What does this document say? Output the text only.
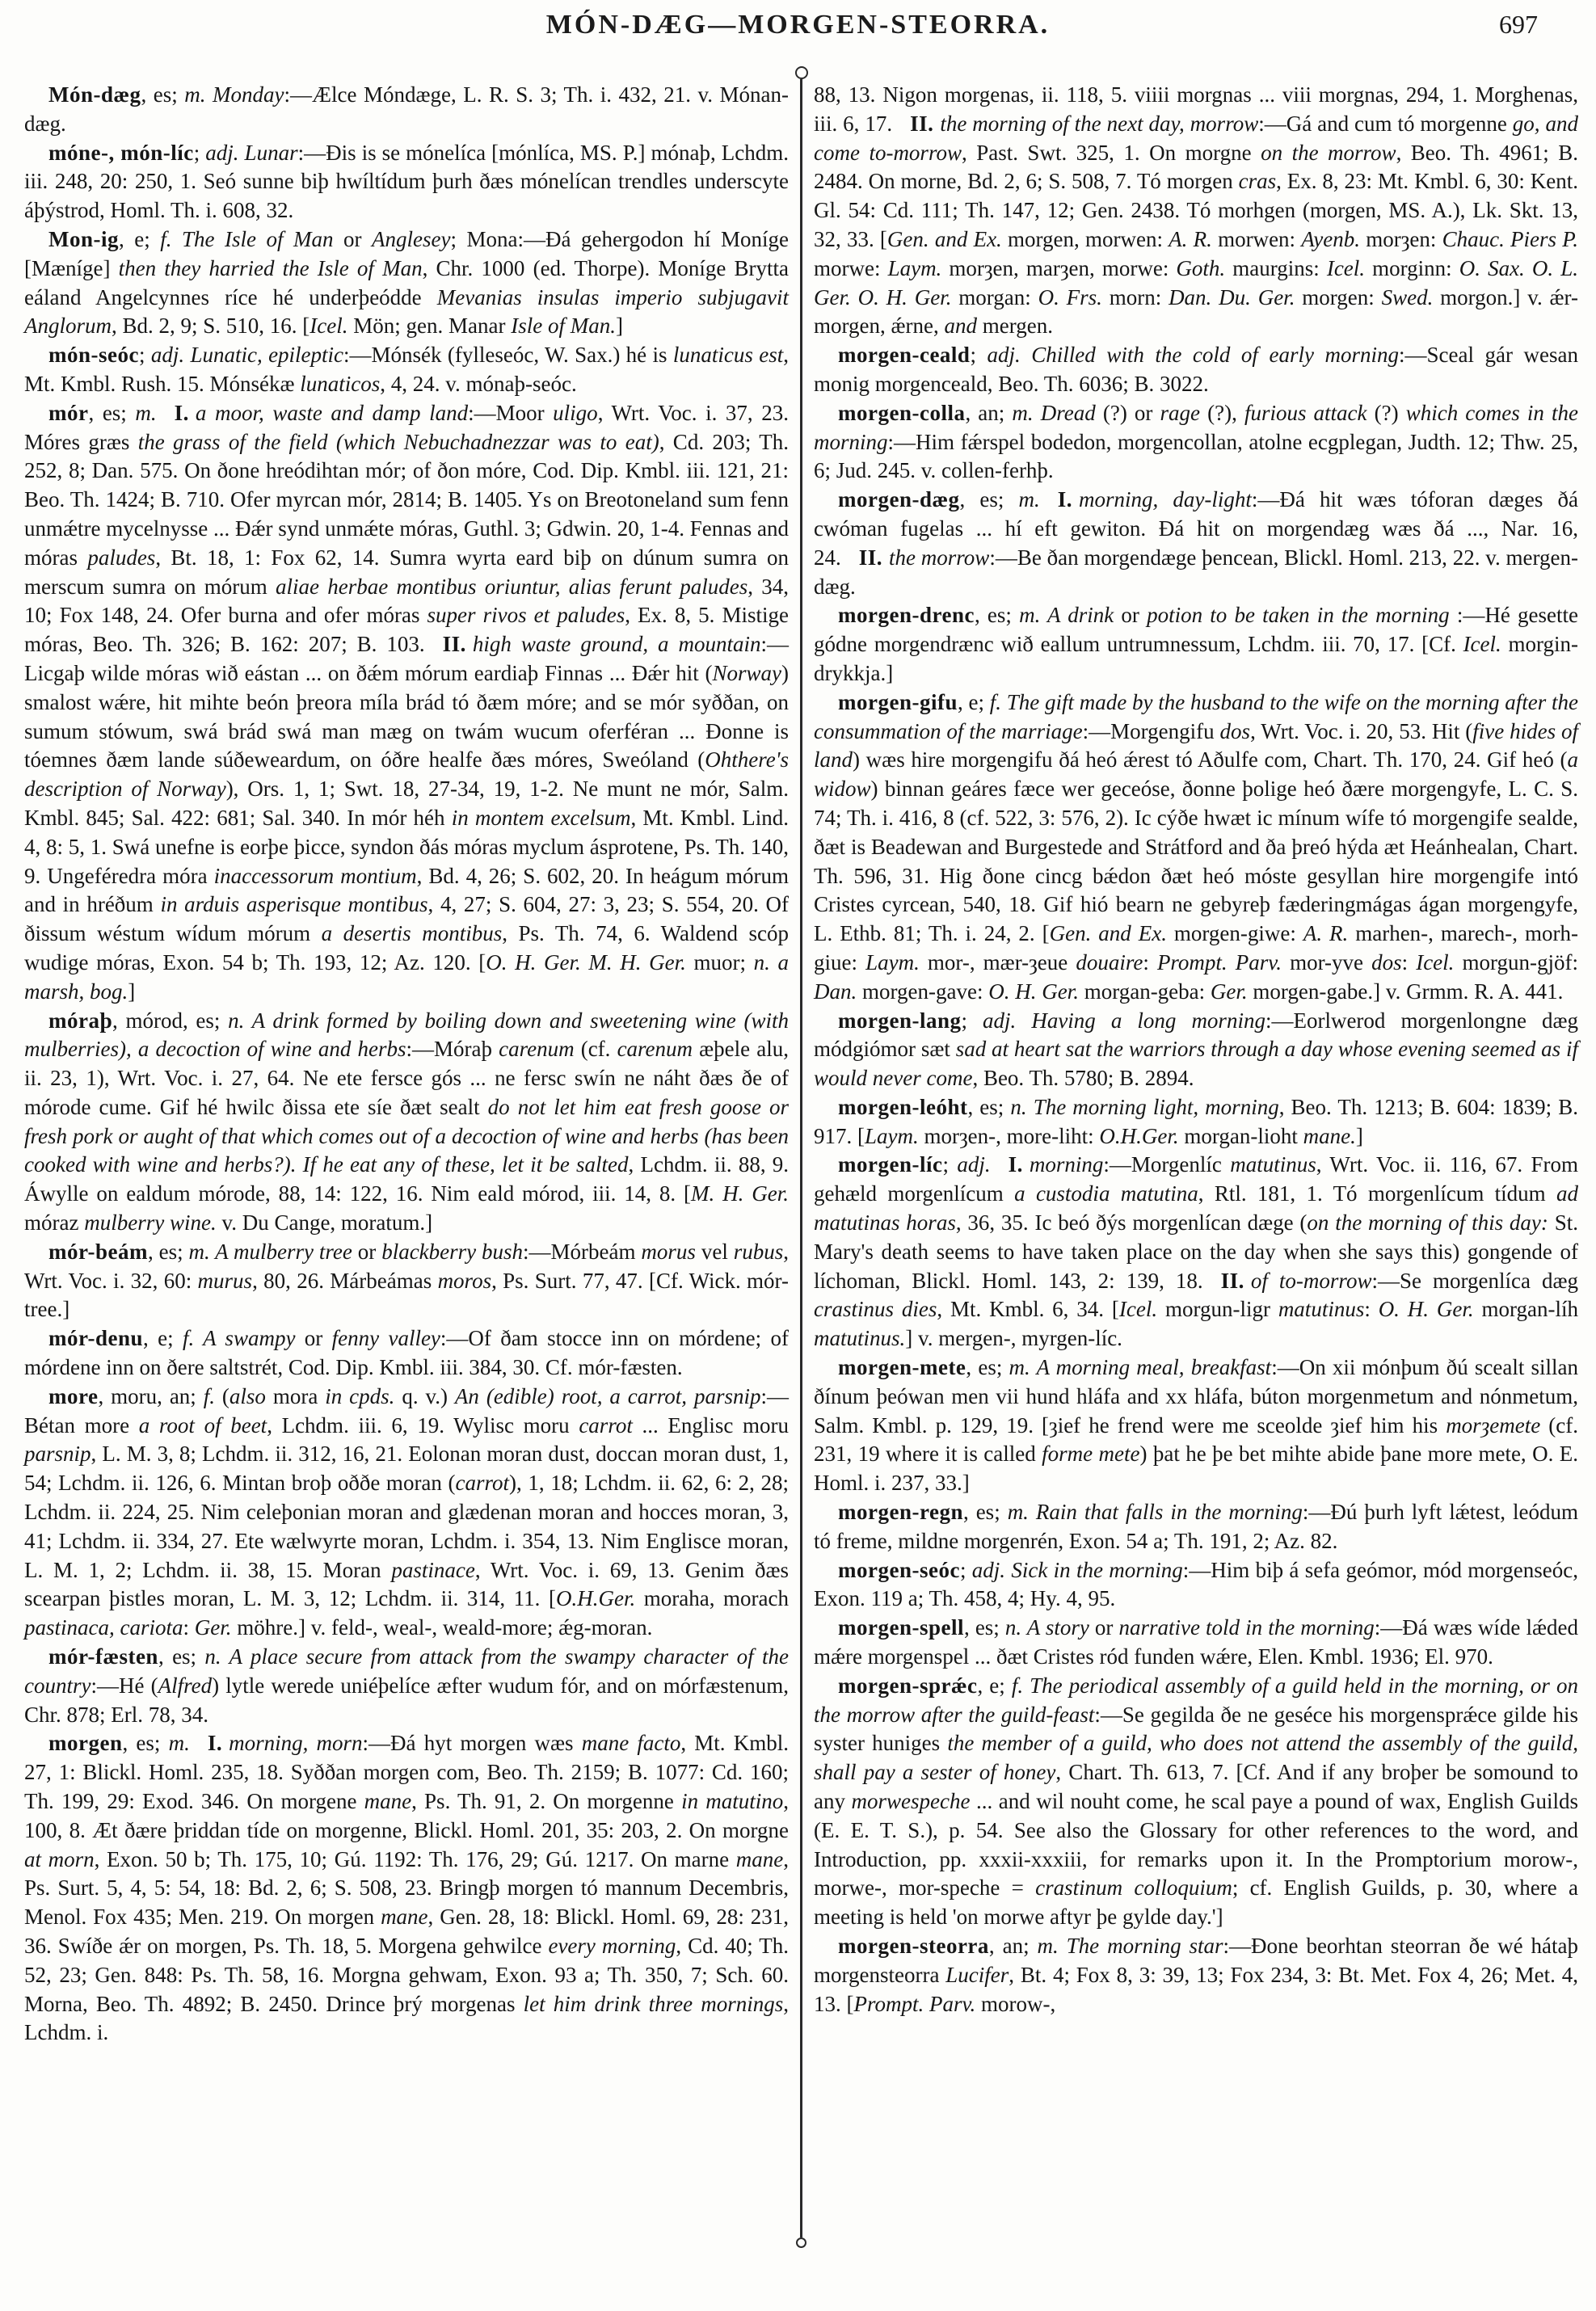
MÓN-DÆG—MORGEN-STEORRA.	697

Món-dæg, es; m. Monday:—Ælce Móndæge, L. R. S. 3; Th. i. 432, 21. v. Mónan-dæg.

móne-, món-líc; adj. Lunar:—Ðis is se mónelíca [mónlíca, MS. P.] mónaþ, Lchdm. iii. 248, 20: 250, 1. Seó sunne biþ hwíltídum þurh ðæs mónelícan trendles underscyte áþýstrod, Homl. Th. i. 608, 32.

Mon-ig, e; f. The Isle of Man or Anglesey; Mona:—Ðá gehergodon hí Moníge [Mæníge] then they harried the Isle of Man, Chr. 1000 (ed. Thorpe). Moníge Brytta eáland Angelcynnes ríce hé underþeódde Mevanias insulas imperio subjugavit Anglorum, Bd. 2, 9; S. 510, 16. [Icel. Mön; gen. Manar Isle of Man.]

món-seóc; adj. Lunatic, epileptic:—Mónsék (fylleseóc, W. Sax.) hé is lunaticus est, Mt. Kmbl. Rush. 15. Mónsékæ lunaticos, 4, 24. v. mónaþ-seóc.

mór, es; m. I. a moor, waste and damp land:—Moor uligo, Wrt. Voc. i. 37, 23. Móres græs the grass of the field (which Nebuchadnezzar was to eat), Cd. 203; Th. 252, 8; Dan. 575. On ðone hreódihtan mór; of ðon móre, Cod. Dip. Kmbl. iii. 121, 21: Beo. Th. 1424; B. 710. Ofer myrcan mór, 2814; B. 1405. Ys on Breotoneland sum fenn unmǽtre mycelnysse ... Ðǽr synd unmǽte móras, Guthl. 3; Gdwin. 20, 1-4. Fennas and móras paludes, Bt. 18, 1: Fox 62, 14. Sumra wyrta eard biþ on dúnum sumra on merscum sumra on mórum aliae herbae montibus oriuntur, alias ferunt paludes, 34, 10; Fox 148, 24. Ofer burna and ofer móras super rivos et paludes, Ex. 8, 5. Mistige móras, Beo. Th. 326; B. 162: 207; B. 103. II. high waste ground, a mountain:—Licgaþ wilde móras wið eástan ... on ðǽm mórum eardiaþ Finnas ... Ðǽr hit (Norway) smalost wǽre, hit mihte beón þreora míla brád tó ðæm móre; and se mór syððan, on sumum stówum, swá brád swá man mæg on twám wucum oferféran ... Ðonne is tóemnes ðæm lande súðeweardum, on óðre healfe ðæs móres, Sweóland (Ohthere's description of Norway), Ors. 1, 1; Swt. 18, 27-34, 19, 1-2. Ne munt ne mór, Salm. Kmbl. 845; Sal. 422: 681; Sal. 340. In mór héh in montem excelsum, Mt. Kmbl. Lind. 4, 8: 5, 1. Swá unefne is eorþe þicce, syndon ðás móras myclum ásprotene, Ps. Th. 140, 9. Ungeféredra móra inaccessorum montium, Bd. 4, 26; S. 602, 20. In heágum mórum and in hréðum in arduis asperisque montibus, 4, 27; S. 604, 27: 3, 23; S. 554, 20. Of ðissum wéstum wídum mórum a desertis montibus, Ps. Th. 74, 6. Waldend scóp wudige móras, Exon. 54 b; Th. 193, 12; Az. 120. [O. H. Ger. M. H. Ger. muor; n. a marsh, bog.]

móraþ, mórod, es; n. A drink formed by boiling down and sweetening wine (with mulberries), a decoction of wine and herbs:—Móraþ carenum (cf. carenum æþele alu, ii. 23, 1), Wrt. Voc. i. 27, 64. Ne ete fersce gós ... ne fersc swín ne náht ðæs ðe of mórode cume. Gif hé hwilc ðissa ete síe ðæt sealt do not let him eat fresh goose or fresh pork or aught of that which comes out of a decoction of wine and herbs (has been cooked with wine and herbs?). If he eat any of these, let it be salted, Lchdm. ii. 88, 9. Áwylle on ealdum mórode, 88, 14: 122, 16. Nim eald mórod, iii. 14, 8. [M. H. Ger. móraz mulberry wine. v. Du Cange, moratum.]

mór-beám, es; m. A mulberry tree or blackberry bush:—Mórbeám morus vel rubus, Wrt. Voc. i. 32, 60: murus, 80, 26. Márbeámas moros, Ps. Surt. 77, 47. [Cf. Wick. mór-tree.]

mór-denu, e; f. A swampy or fenny valley:—Of ðam stocce inn on mórdene; of mórdene inn on ðere saltstrét, Cod. Dip. Kmbl. iii. 384, 30. Cf. mór-fæsten.

more, moru, an; f. (also mora in cpds. q. v.) An (edible) root, a carrot, parsnip:—Bétan more a root of beet, Lchdm. iii. 6, 19. Wylisc moru carrot ... Englisc moru parsnip, L. M. 3, 8; Lchdm. ii. 312, 16, 21. Eolonan moran dust, doccan moran dust, 1, 54; Lchdm. ii. 126, 6. Mintan broþ oððe moran (carrot), 1, 18; Lchdm. ii. 62, 6: 2, 28; Lchdm. ii. 224, 25. Nim celeþonian moran and glædenan moran and hocces moran, 3, 41; Lchdm. ii. 334, 27. Ete wælwyrte moran, Lchdm. i. 354, 13. Nim Englisce moran, L. M. 1, 2; Lchdm. ii. 38, 15. Moran pastinace, Wrt. Voc. i. 69, 13. Genim ðæs scearpan þistles moran, L. M. 3, 12; Lchdm. ii. 314, 11. [O.H.Ger. moraha, morach pastinaca, cariota: Ger. möhre.] v. feld-, weal-, weald-more; ǽg-moran.

mór-fæsten, es; n. A place secure from attack from the swampy character of the country:—Hé (Alfred) lytle werede uniéþelíce æfter wudum fór, and on mórfæstenum, Chr. 878; Erl. 78, 34.

morgen, es; m. I. morning, morn:—Ðá hyt morgen wæs mane facto, Mt. Kmbl. 27, 1: Blickl. Homl. 235, 18. Syððan morgen com, Beo. Th. 2159; B. 1077: Cd. 160; Th. 199, 29: Exod. 346. On morgene mane, Ps. Th. 91, 2. On morgenne in matutino, 100, 8. Æt ðære þriddan tíde on morgenne, Blickl. Homl. 201, 35: 203, 2. On morgne at morn, Exon. 50 b; Th. 175, 10; Gú. 1192: Th. 176, 29; Gú. 1217. On marne mane, Ps. Surt. 5, 4, 5: 54, 18: Bd. 2, 6; S. 508, 23. Bringþ morgen tó mannum Decembris, Menol. Fox 435; Men. 219. On morgen mane, Gen. 28, 18: Blickl. Homl. 69, 28: 231, 36. Swíðe ǽr on morgen, Ps. Th. 18, 5. Morgena gehwilce every morning, Cd. 40; Th. 52, 23; Gen. 848: Ps. Th. 58, 16. Morgna gehwam, Exon. 93 a; Th. 350, 7; Sch. 60. Morna, Beo. Th. 4892; B. 2450. Drince þrý morgenas let him drink three mornings, Lchdm. i.

88, 13. Nigon morgenas, ii. 118, 5. viiii morgnas ... viii morgnas, 294, 1. Morghenas, iii. 6, 17. II. the morning of the next day, morrow:—Gá and cum tó morgenne go, and come to-morrow, Past. Swt. 325, 1. On morgne on the morrow, Beo. Th. 4961; B. 2484. On morne, Bd. 2, 6; S. 508, 7. Tó morgen cras, Ex. 8, 23: Mt. Kmbl. 6, 30: Kent. Gl. 54: Cd. 111; Th. 147, 12; Gen. 2438. Tó morhgen (morgen, MS. A.), Lk. Skt. 13, 32, 33. [Gen. and Ex. morgen, morwen: A. R. morwen: Ayenb. morȝen: Chauc. Piers P. morwe: Laym. morȝen, marȝen, morwe: Goth. maurgins: Icel. morginn: O. Sax. O. L. Ger. O. H. Ger. morgan: O. Frs. morn: Dan. Du. Ger. morgen: Swed. morgon.] v. ǽr-morgen, ǽrne, and mergen.

morgen-ceald; adj. Chilled with the cold of early morning:—Sceal gár wesan monig morgenceald, Beo. Th. 6036; B. 3022.

morgen-colla, an; m. Dread (?) or rage (?), furious attack (?) which comes in the morning:—Him fǽrspel bodedon, morgencollan, atolne ecgplegan, Judth. 12; Thw. 25, 6; Jud. 245. v. collen-ferhþ.

morgen-dæg, es; m. I. morning, day-light:—Ðá hit wæs tóforan dæges ðá cwóman fugelas ... hí eft gewiton. Ðá hit on morgendæg wæs ðá ..., Nar. 16, 24. II. the morrow:—Be ðan morgendæge þencean, Blickl. Homl. 213, 22. v. mergen-dæg.

morgen-drenc, es; m. A drink or potion to be taken in the morning :—Hé gesette gódne morgendrænc wið eallum untrumnessum, Lchdm. iii. 70, 17. [Cf. Icel. morgin-drykkja.]

morgen-gifu, e; f. The gift made by the husband to the wife on the morning after the consummation of the marriage:—Morgengifu dos, Wrt. Voc. i. 20, 53. Hit (five hides of land) wæs hire morgengifu ðá heó ǽrest tó Aðulfe com, Chart. Th. 170, 24. Gif heó (a widow) binnan geáres fæce wer geceóse, ðonne þolige heó ðære morgengyfe, L. C. S. 74; Th. i. 416, 8 (cf. 522, 3: 576, 2). Ic cýðe hwæt ic mínum wífe tó morgengife sealde, ðæt is Beadewan and Burgestede and Strátford and ða þreó hýda æt Heánhealan, Chart. Th. 596, 31. Hig ðone cincg bǽdon ðæt heó móste gesyllan hire morgengife intó Cristes cyrcean, 540, 18. Gif hió bearn ne gebyreþ fæderingmágas ágan morgengyfe, L. Ethb. 81; Th. i. 24, 2. [Gen. and Ex. morgen-giwe: A. R. marhen-, marech-, morh-giue: Laym. mor-, mær-ȝeue douaire: Prompt. Parv. mor-yve dos: Icel. morgun-gjöf: Dan. morgen-gave: O. H. Ger. morgan-geba: Ger. morgen-gabe.] v. Grmm. R. A. 441.

morgen-lang; adj. Having a long morning:—Eorlwerod morgenlongne dæg módgiómor sæt sad at heart sat the warriors through a day whose evening seemed as if would never come, Beo. Th. 5780; B. 2894.

morgen-leóht, es; n. The morning light, morning, Beo. Th. 1213; B. 604: 1839; B. 917. [Laym. morȝen-, more-liht: O.H.Ger. morgan-lioht mane.]

morgen-líc; adj. I. morning:—Morgenlíc matutinus, Wrt. Voc. ii. 116, 67. From gehæld morgenlícum a custodia matutina, Rtl. 181, 1. Tó morgenlícum tídum ad matutinas horas, 36, 35. Ic beó ðýs morgenlícan dæge (on the morning of this day: St. Mary's death seems to have taken place on the day when she says this) gongende of líchoman, Blickl. Homl. 143, 2: 139, 18. II. of to-morrow:—Se morgenlíca dæg crastinus dies, Mt. Kmbl. 6, 34. [Icel. morgun-ligr matutinus: O. H. Ger. morgan-líh matutinus.] v. mergen-, myrgen-líc.

morgen-mete, es; m. A morning meal, breakfast:—On xii mónþum ðú scealt sillan ðínum þeówan men vii hund hláfa and xx hláfa, búton morgenmetum and nónmetum, Salm. Kmbl. p. 129, 19. [ȝief he frend were me sceolde ȝief him his morȝemete (cf. 231, 19 where it is called forme mete) þat he þe bet mihte abide þane more mete, O. E. Homl. i. 237, 33.]

morgen-regn, es; m. Rain that falls in the morning:—Ðú þurh lyft lǽtest, leódum tó freme, mildne morgenrén, Exon. 54 a; Th. 191, 2; Az. 82.

morgen-seóc; adj. Sick in the morning:—Him biþ á sefa geómor, mód morgenseóc, Exon. 119 a; Th. 458, 4; Hy. 4, 95.

morgen-spell, es; n. A story or narrative told in the morning:—Ðá wæs wíde lǽded mǽre morgenspel ... ðæt Cristes ród funden wǽre, Elen. Kmbl. 1936; El. 970.

morgen-sprǽc, e; f. The periodical assembly of a guild held in the morning, or on the morrow after the guild-feast:—Se gegilda ðe ne geséce his morgensprǽce gilde his syster huniges the member of a guild, who does not attend the assembly of the guild, shall pay a sester of honey, Chart. Th. 613, 7. [Cf. And if any broþer be somound to any morwespeche ... and wil nouht come, he scal paye a pound of wax, English Guilds (E. E. T. S.), p. 54. See also the Glossary for other references to the word, and Introduction, pp. xxxii-xxxiii, for remarks upon it. In the Promptorium morow-, morwe-, mor-speche = crastinum colloquium; cf. English Guilds, p. 30, where a meeting is held 'on morwe aftyr þe gylde day.']

morgen-steorra, an; m. The morning star:—Ðone beorhtan steorran ðe wé hátaþ morgensteorra Lucifer, Bt. 4; Fox 8, 3: 39, 13; Fox 234, 3: Bt. Met. Fox 4, 26; Met. 4, 13. [Prompt. Parv. morow-,
